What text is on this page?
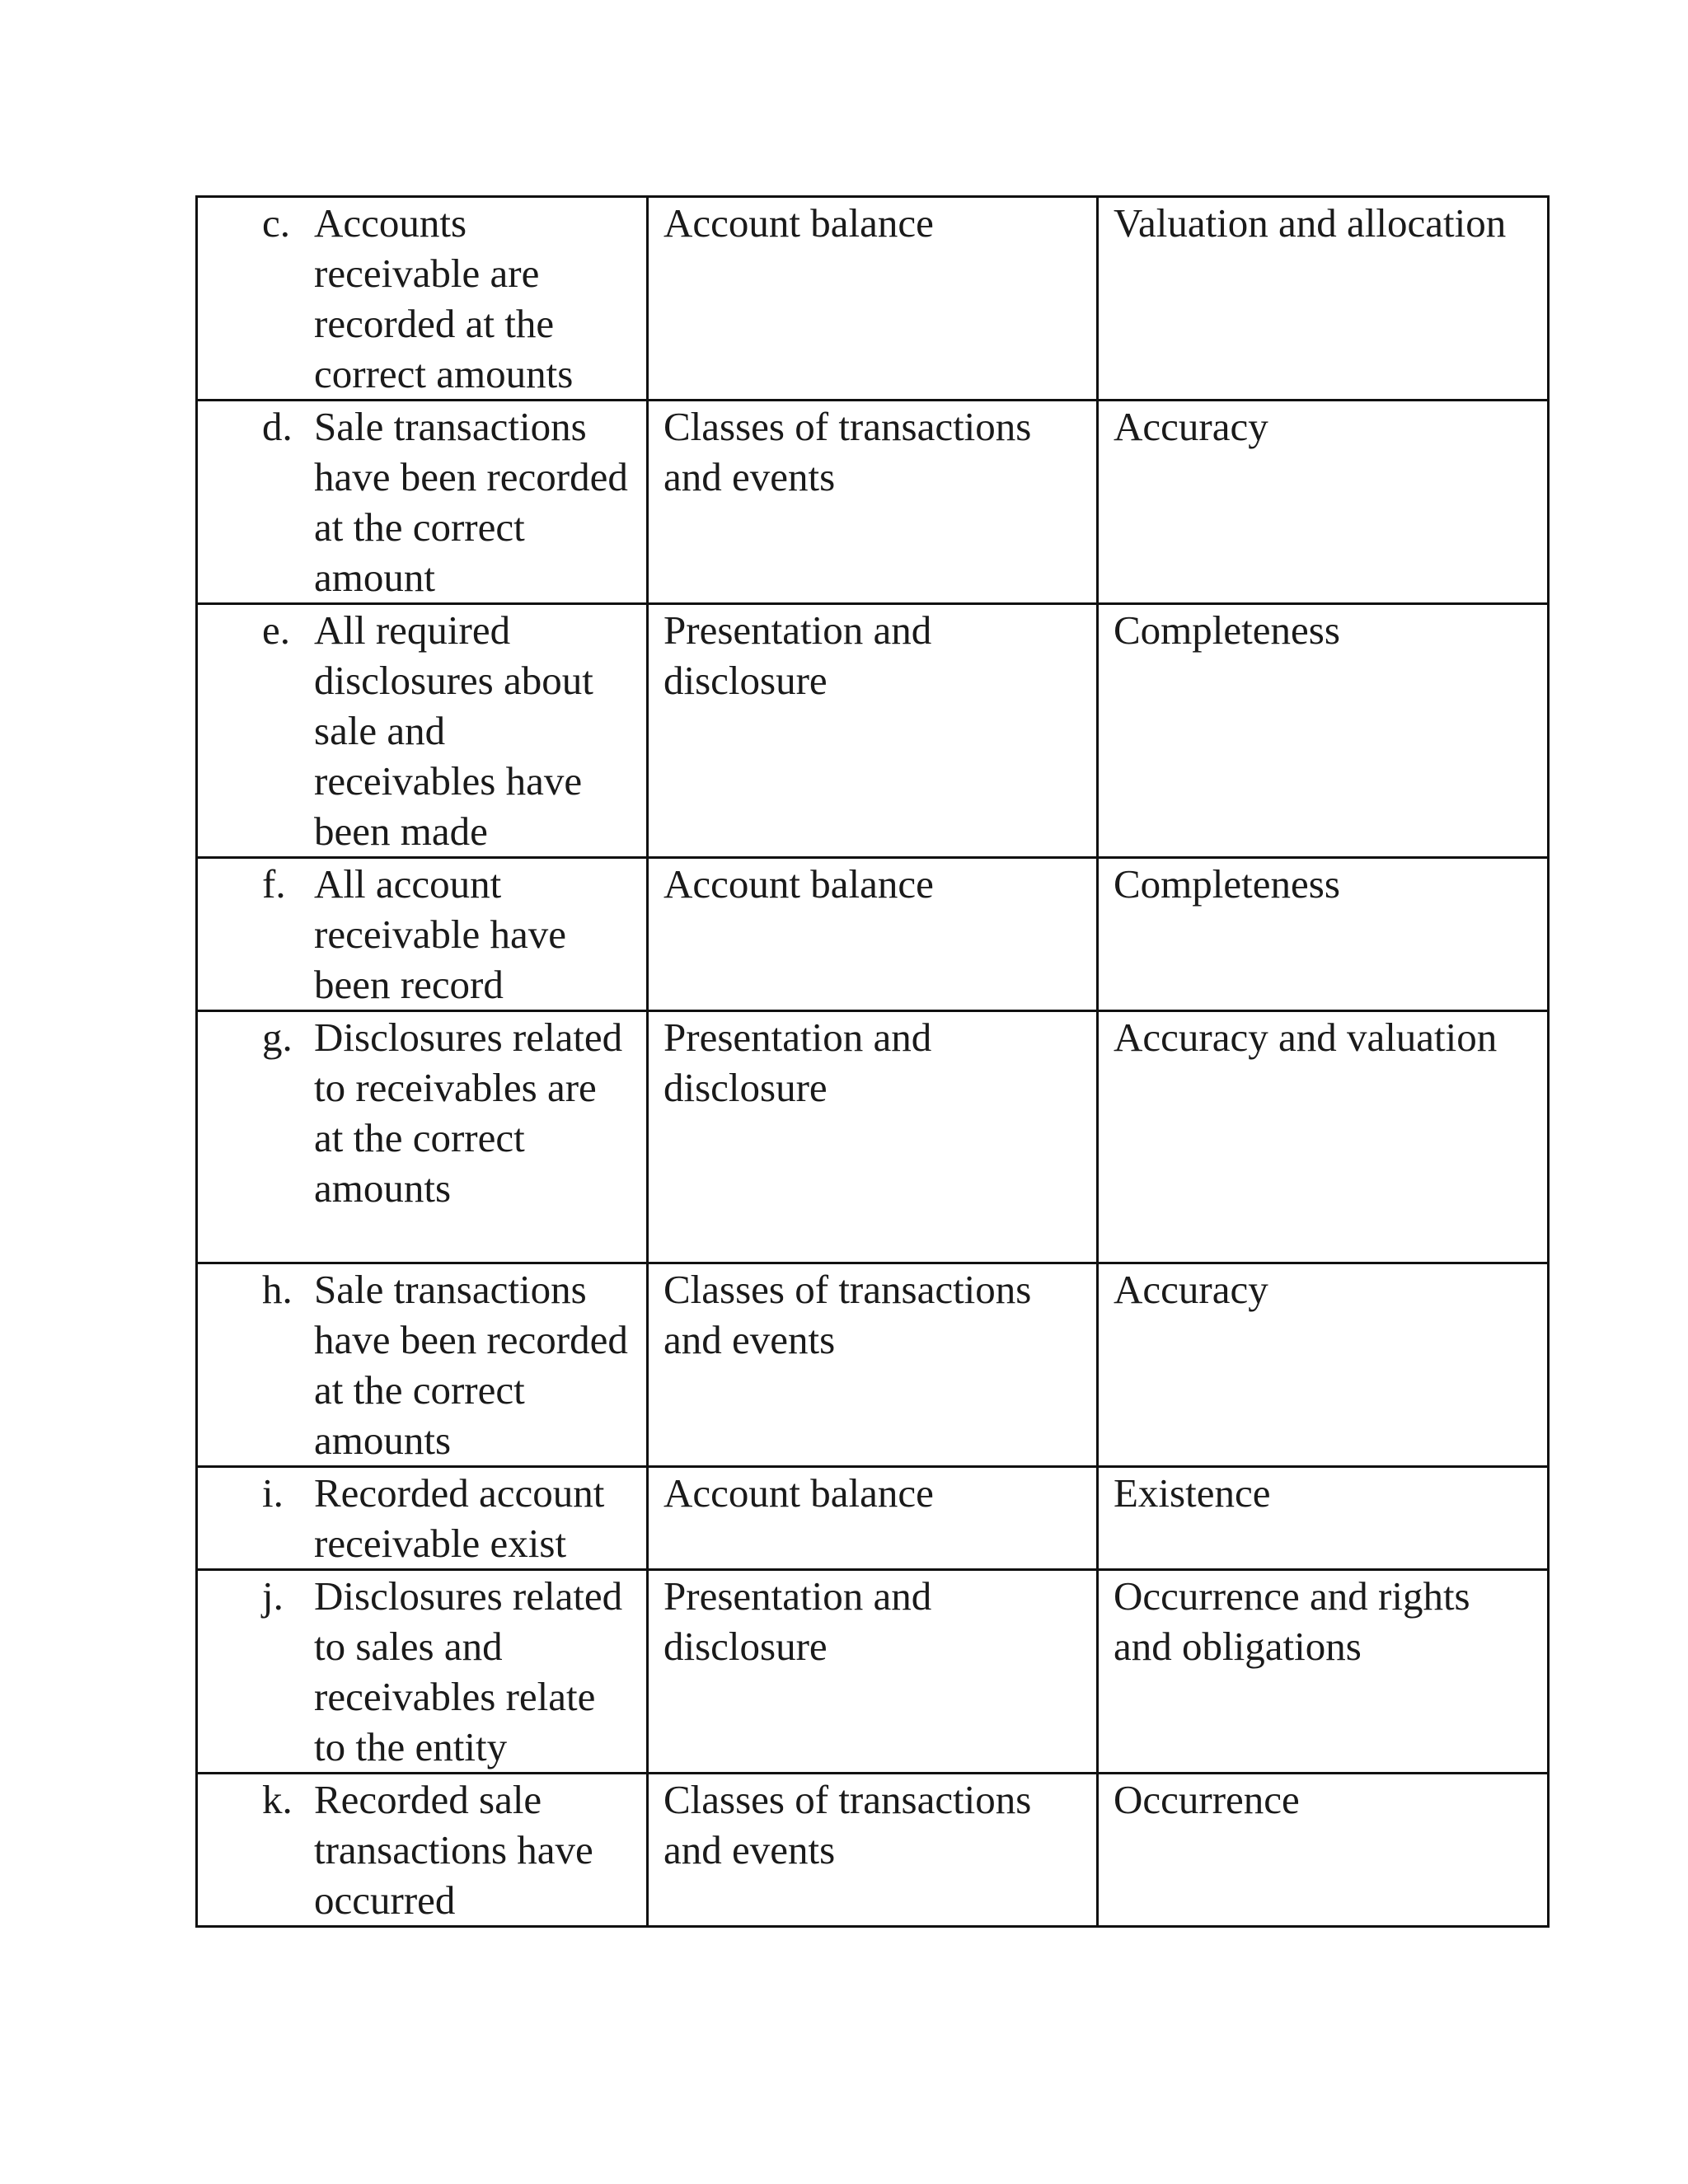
c. Accounts receivable are recorded at the correct amounts	Account balance	Valuation and allocation

d. Sale transactions have been recorded at the correct amount	Classes of transactions and events	Accuracy

e. All required disclosures about sale and receivables have been made	Presentation and disclosure	Completeness

f. All account receivable have been record	Account balance	Completeness

g. Disclosures related to receivables are at the correct amounts	Presentation and disclosure	Accuracy and valuation

h. Sale transactions have been recorded at the correct amounts	Classes of transactions and events	Accuracy

i. Recorded account receivable exist	Account balance	Existence

j. Disclosures related to sales and receivables relate to the entity	Presentation and disclosure	Occurrence and rights and obligations

k. Recorded sale transactions have occurred	Classes of transactions and events	Occurrence
